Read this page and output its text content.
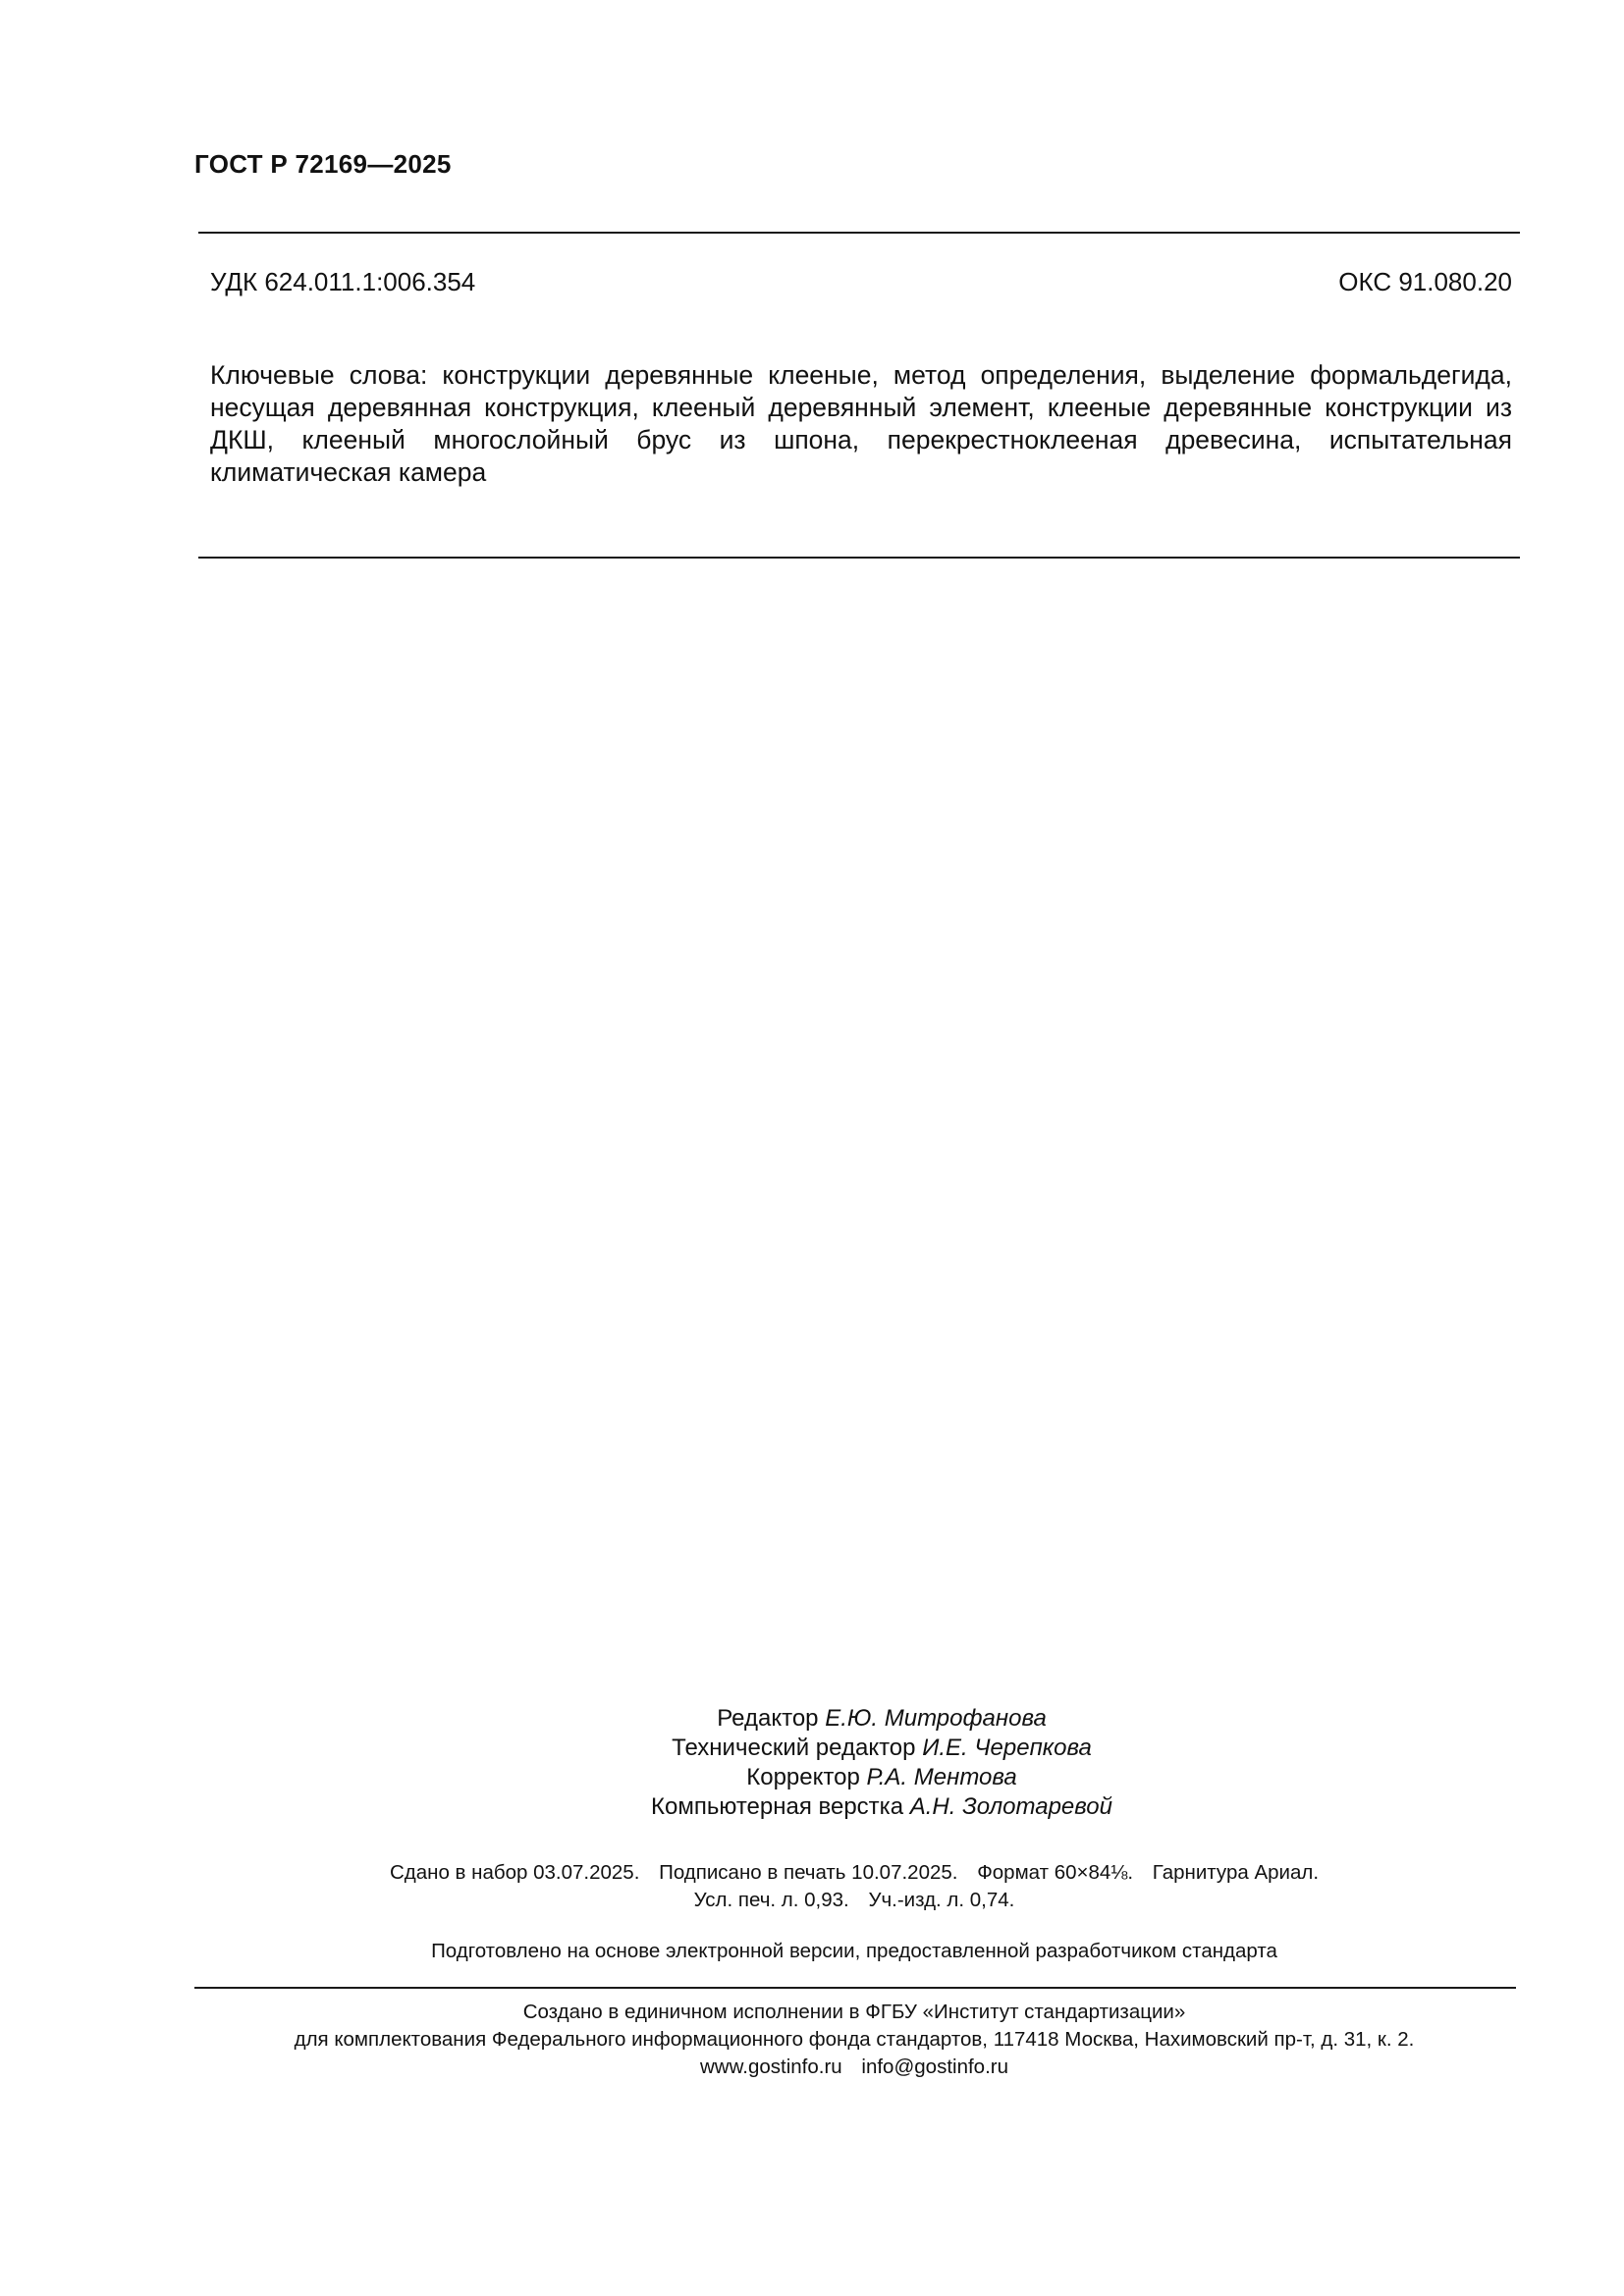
ГОСТ Р 72169—2025
УДК 624.011.1:006.354	ОКС 91.080.20

Ключевые слова: конструкции деревянные клееные, метод определения, выделение формальдегида, несущая деревянная конструкция, клееный деревянный элемент, клееные деревянные конструкции из ДКШ, клееный многослойный брус из шпона, перекрестноклееная древесина, испытательная климатическая камера

Редактор Е.Ю. Митрофанова
Технический редактор И.Е. Черепкова
Корректор Р.А. Ментова
Компьютерная верстка А.Н. Золотаревой
Сдано в набор 03.07.2025. Подписано в печать 10.07.2025. Формат 60×84⅛. Гарнитура Ариал.
Усл. печ. л. 0,93. Уч.-изд. л. 0,74.
Подготовлено на основе электронной версии, предоставленной разработчиком стандарта
Создано в единичном исполнении в ФГБУ «Институт стандартизации»
для комплектования Федерального информационного фонда стандартов, 117418 Москва, Нахимовский пр-т, д. 31, к. 2.
www.gostinfo.ru info@gostinfo.ru
